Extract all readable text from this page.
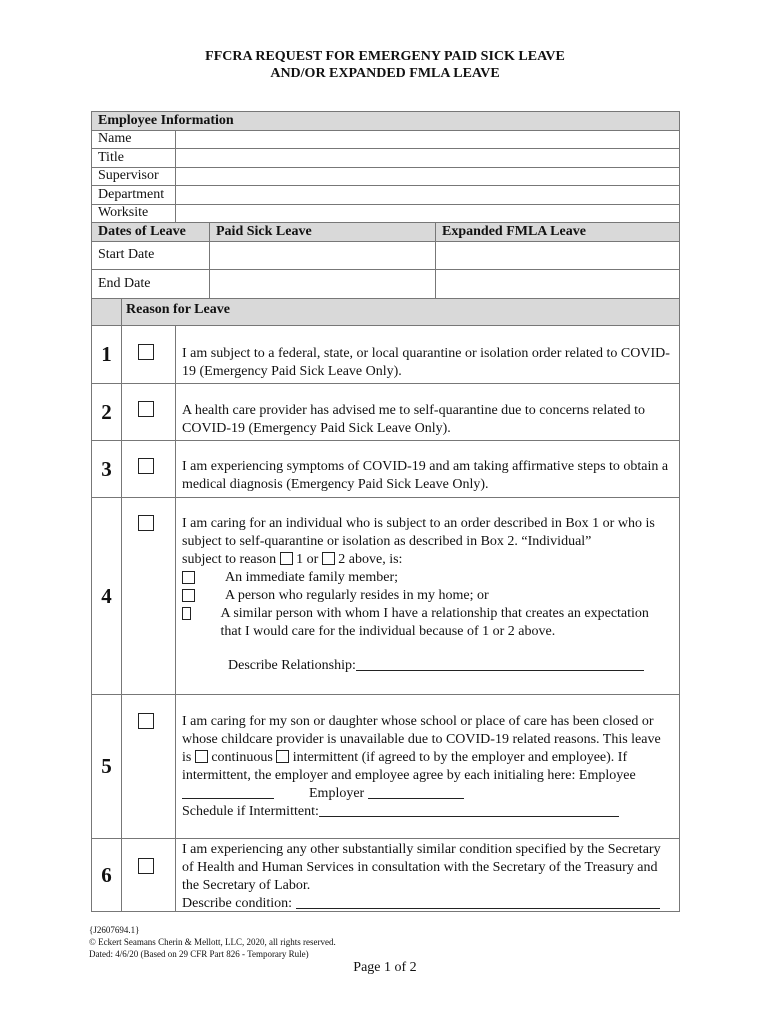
FFCRA REQUEST FOR EMERGENY PAID SICK LEAVE
AND/OR EXPANDED FMLA LEAVE
Employee Information
Name
Title
Supervisor
Department
Worksite
Dates of Leave	Paid Sick Leave	Expanded FMLA Leave
Start Date
End Date
Reason for Leave
1	I am subject to a federal, state, or local quarantine or isolation order related to COVID-19 (Emergency Paid Sick Leave Only).
2	A health care provider has advised me to self-quarantine due to concerns related to COVID-19 (Emergency Paid Sick Leave Only).
3	I am experiencing symptoms of COVID-19 and am taking affirmative steps to obtain a medical diagnosis (Emergency Paid Sick Leave Only).
4
I am caring for an individual who is subject to an order described in Box 1 or who is subject to self-quarantine or isolation as described in Box 2. “Individual”
subject to reason 1 or 2 above, is:
An immediate family member;
A person who regularly resides in my home; or
A similar person with whom I have a relationship that creates an expectation that I would care for the individual because of 1 or 2 above.
Describe Relationship:
5
I am caring for my son or daughter whose school or place of care has been closed or whose childcare provider is unavailable due to COVID-19 related reasons. This leave is continuous intermittent (if agreed to by the employer and employee). If intermittent, the employer and employee agree by each initialing here: Employee   Employer
Schedule if Intermittent:
6
I am experiencing any other substantially similar condition specified by the Secretary of Health and Human Services in consultation with the Secretary of the Treasury and the Secretary of Labor.
Describe condition:
{J2607694.1}
© Eckert Seamans Cherin & Mellott, LLC, 2020, all rights reserved.
Dated: 4/6/20 (Based on 29 CFR Part 826 - Temporary Rule)
Page 1 of 2
